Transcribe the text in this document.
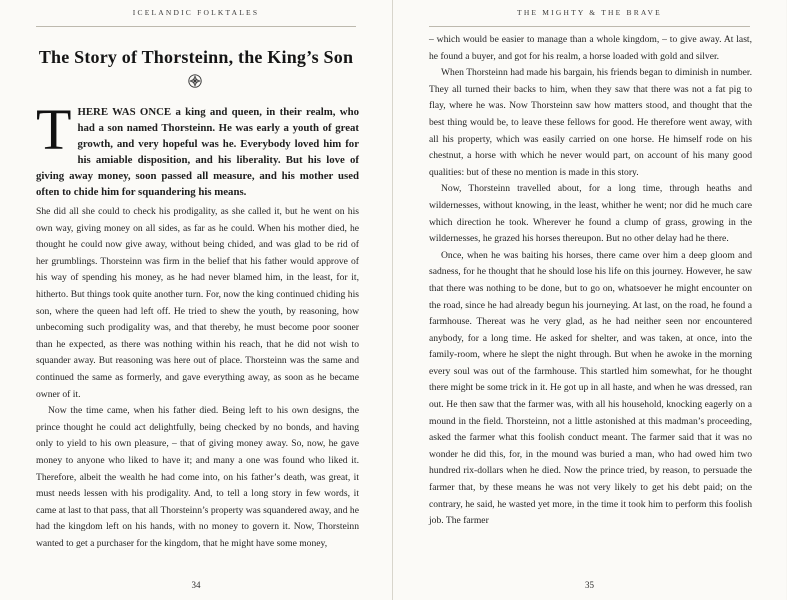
ICELANDIC FOLKTALES
The Story of Thorsteinn, the King’s Son
THERE WAS ONCE a king and queen, in their realm, who had a son named Thorsteinn. He was early a youth of great growth, and very hopeful was he. Everybody loved him for his amiable disposition, and his liberality. But his love of giving away money, soon passed all measure, and his mother used often to chide him for squandering his means.

She did all she could to check his prodigality, as she called it, but he went on his own way, giving money on all sides, as far as he could. When his mother died, he thought he could now give away, without being chided, and was glad to be rid of her grumblings. Thorsteinn was firm in the belief that his father would approve of his way of spending his money, as he had never blamed him, in the least, for it, hitherto. But things took quite another turn. For, now the king continued chiding his son, where the queen had left off. He tried to shew the youth, by reasoning, how unbecoming such prodigality was, and that thereby, he must become poor sooner than he expected, as there was nothing within his reach, that he did not wish to squander away. But reasoning was here out of place. Thorsteinn was the same and continued the same as formerly, and gave everything away, as soon as he became owner of it.

Now the time came, when his father died. Being left to his own designs, the prince thought he could act delightfully, being checked by no bonds, and having only to yield to his own pleasure, – that of giving money away. So, now, he gave money to anyone who liked to have it; and many a one was found who liked it. Therefore, albeit the wealth he had come into, on his father’s death, was great, it must needs lessen with his prodigality. And, to tell a long story in few words, it came at last to that pass, that all Thorsteinn’s property was squandered away, and he had the kingdom left on his hands, with no money to govern it. Now, Thorsteinn wanted to get a purchaser for the kingdom, that he might have some money,

34
THE MIGHTY & THE BRAVE

– which would be easier to manage than a whole kingdom, – to give away. At last, he found a buyer, and got for his realm, a horse loaded with gold and silver.

When Thorsteinn had made his bargain, his friends began to diminish in number. They all turned their backs to him, when they saw that there was not a fat pig to flay, where he was. Now Thorsteinn saw how matters stood, and thought that the best thing would be, to leave these fellows for good. He therefore went away, with all his property, which was easily carried on one horse. He himself rode on his chestnut, a horse with which he never would part, on account of his many good qualities: but of these no mention is made in this story.

Now, Thorsteinn travelled about, for a long time, through heaths and wildernesses, without knowing, in the least, whither he went; nor did he much care which direction he took. Wherever he found a clump of grass, growing in the wildernesses, he grazed his horses thereupon. But no other delay had he there.

Once, when he was baiting his horses, there came over him a deep gloom and sadness, for he thought that he should lose his life on this journey. However, he saw that there was nothing to be done, but to go on, whatsoever he might encounter on the road, since he had already begun his journeying. At last, on the road, he found a farmhouse. Thereat was he very glad, as he had neither seen nor encountered anybody, for a long time. He asked for shelter, and was taken, at once, into the family-room, where he slept the night through. But when he awoke in the morning every soul was out of the farmhouse. This startled him somewhat, for he thought there might be some trick in it. He got up in all haste, and when he was dressed, ran out. He then saw that the farmer was, with all his household, knocking eagerly on a mound in the field. Thorsteinn, not a little astonished at this madman’s proceeding, asked the farmer what this foolish conduct meant. The farmer said that it was no wonder he did this, for, in the mound was buried a man, who had owed him two hundred rix-dollars when he died. Now the prince tried, by reason, to persuade the farmer that, by these means he was not very likely to get his debt paid; on the contrary, he said, he wasted yet more, in the time it took him to perform this foolish job. The farmer

35
